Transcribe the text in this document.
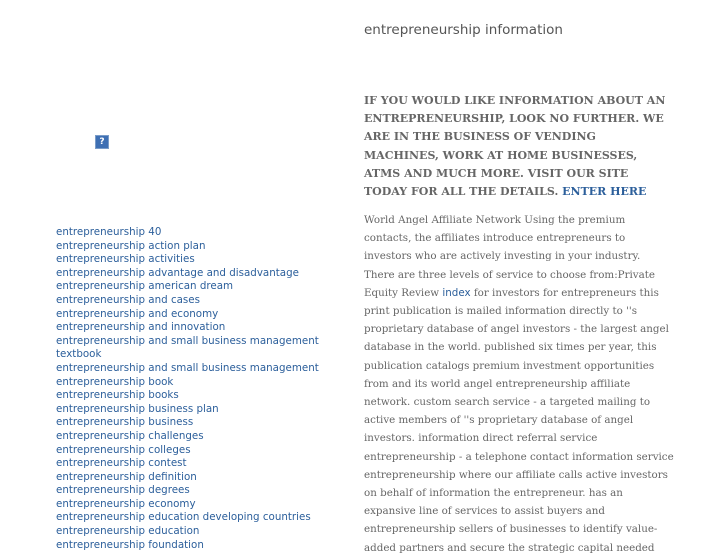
?
entrepreneurship 40
entrepreneurship action plan
entrepreneurship activities
entrepreneurship advantage and disadvantage
entrepreneurship american dream
entrepreneurship and cases
entrepreneurship and economy
entrepreneurship and innovation
entrepreneurship and small business management textbook
entrepreneurship and small business management
entrepreneurship book
entrepreneurship books
entrepreneurship business plan
entrepreneurship business
entrepreneurship challenges
entrepreneurship colleges
entrepreneurship contest
entrepreneurship definition
entrepreneurship degrees
entrepreneurship economy
entrepreneurship education developing countries
entrepreneurship education
entrepreneurship foundation
entrepreneurship information
IF YOU WOULD LIKE INFORMATION ABOUT AN ENTREPRENEURSHIP, LOOK NO FURTHER. WE ARE IN THE BUSINESS OF VENDING MACHINES, WORK AT HOME BUSINESSES, ATMS AND MUCH MORE. VISIT OUR SITE TODAY FOR ALL THE DETAILS. ENTER HERE
World Angel Affiliate Network Using the premium contacts, the affiliates introduce entrepreneurs to investors who are actively investing in your industry. There are three levels of service to choose from:Private Equity Review index for investors for entrepreneurs this print publication is mailed information directly to ''s proprietary database of angel investors - the largest angel database in the world. published six times per year, this publication catalogs premium investment opportunities from and its world angel entrepreneurship affiliate network. custom search service - a targeted mailing to active members of ''s proprietary database of angel investors. information direct referral service entrepreneurship - a telephone contact information service entrepreneurship where our affiliate calls active investors on behalf of information the entrepreneur. has an expansive line of services to assist buyers and entrepreneurship sellers of businesses to identify value-added partners and secure the strategic capital needed
